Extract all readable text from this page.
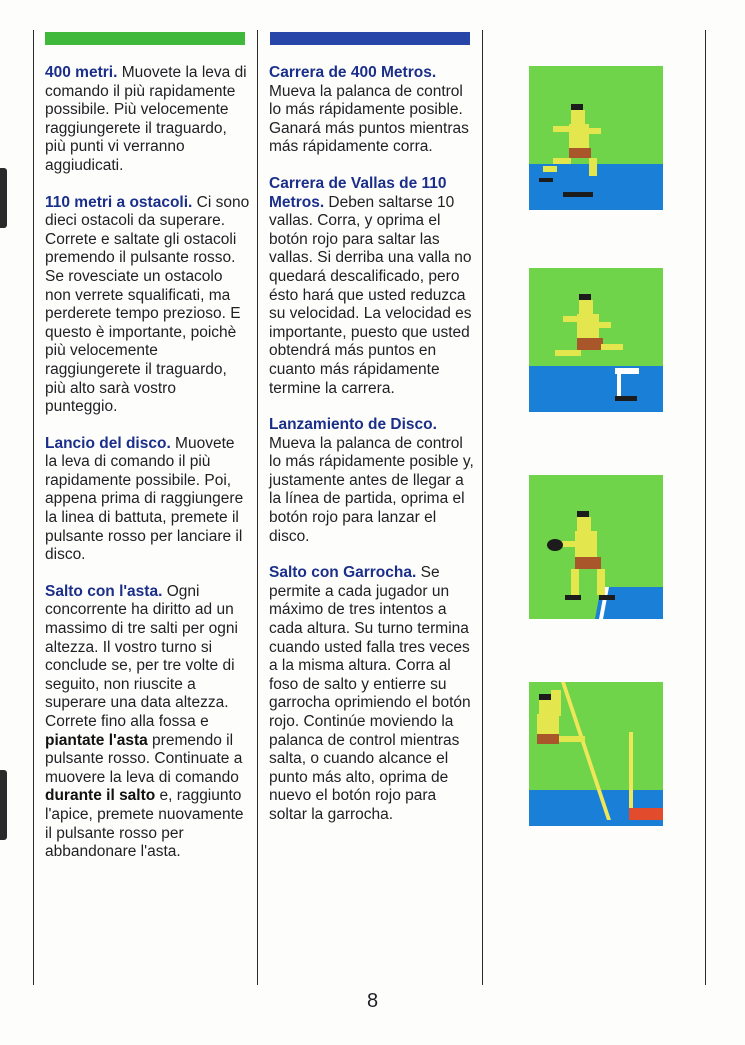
400 metri. Muovete la leva di comando il più rapidamente possibile. Più velocemente raggiungerete il traguardo, più punti vi verranno aggiudicati.
110 metri a ostacoli. Ci sono dieci ostacoli da superare. Correte e saltate gli ostacoli premendo il pulsante rosso. Se rovesciate un ostacolo non verrete squalificati, ma perderete tempo prezioso. E questo è importante, poichè più velocemente raggiungerete il traguardo, più alto sarà vostro punteggio.
Lancio del disco. Muovete la leva di comando il più rapidamente possibile. Poi, appena prima di raggiungere la linea di battuta, premete il pulsante rosso per lanciare il disco.
Salto con l'asta. Ogni concorrente ha diritto ad un massimo di tre salti per ogni altezza. Il vostro turno si conclude se, per tre volte di seguito, non riuscite a superare una data altezza. Correte fino alla fossa e piantate l'asta premendo il pulsante rosso. Continuate a muovere la leva di comando durante il salto e, raggiunto l'apice, premete nuovamente il pulsante rosso per abbandonare l'asta.
Carrera de 400 Metros. Mueva la palanca de control lo más rápidamente posible. Ganará más puntos mientras más rápidamente corra.
Carrera de Vallas de 110 Metros. Deben saltarse 10 vallas. Corra, y oprima el botón rojo para saltar las vallas. Si derriba una valla no quedará descalificado, pero ésto hará que usted reduzca su velocidad. La velocidad es importante, puesto que usted obtendrá más puntos en cuanto más rápidamente termine la carrera.
Lanzamiento de Disco. Mueva la palanca de control lo más rápidamente posible y, justamente antes de llegar a la línea de partida, oprima el botón rojo para lanzar el disco.
Salto con Garrocha. Se permite a cada jugador un máximo de tres intentos a cada altura. Su turno termina cuando usted falla tres veces a la misma altura. Corra al foso de salto y entierre su garrocha oprimiendo el botón rojo. Continúe moviendo la palanca de control mientras salta, o cuando alcance el punto más alto, oprima de nuevo el botón rojo para soltar la garrocha.
8
